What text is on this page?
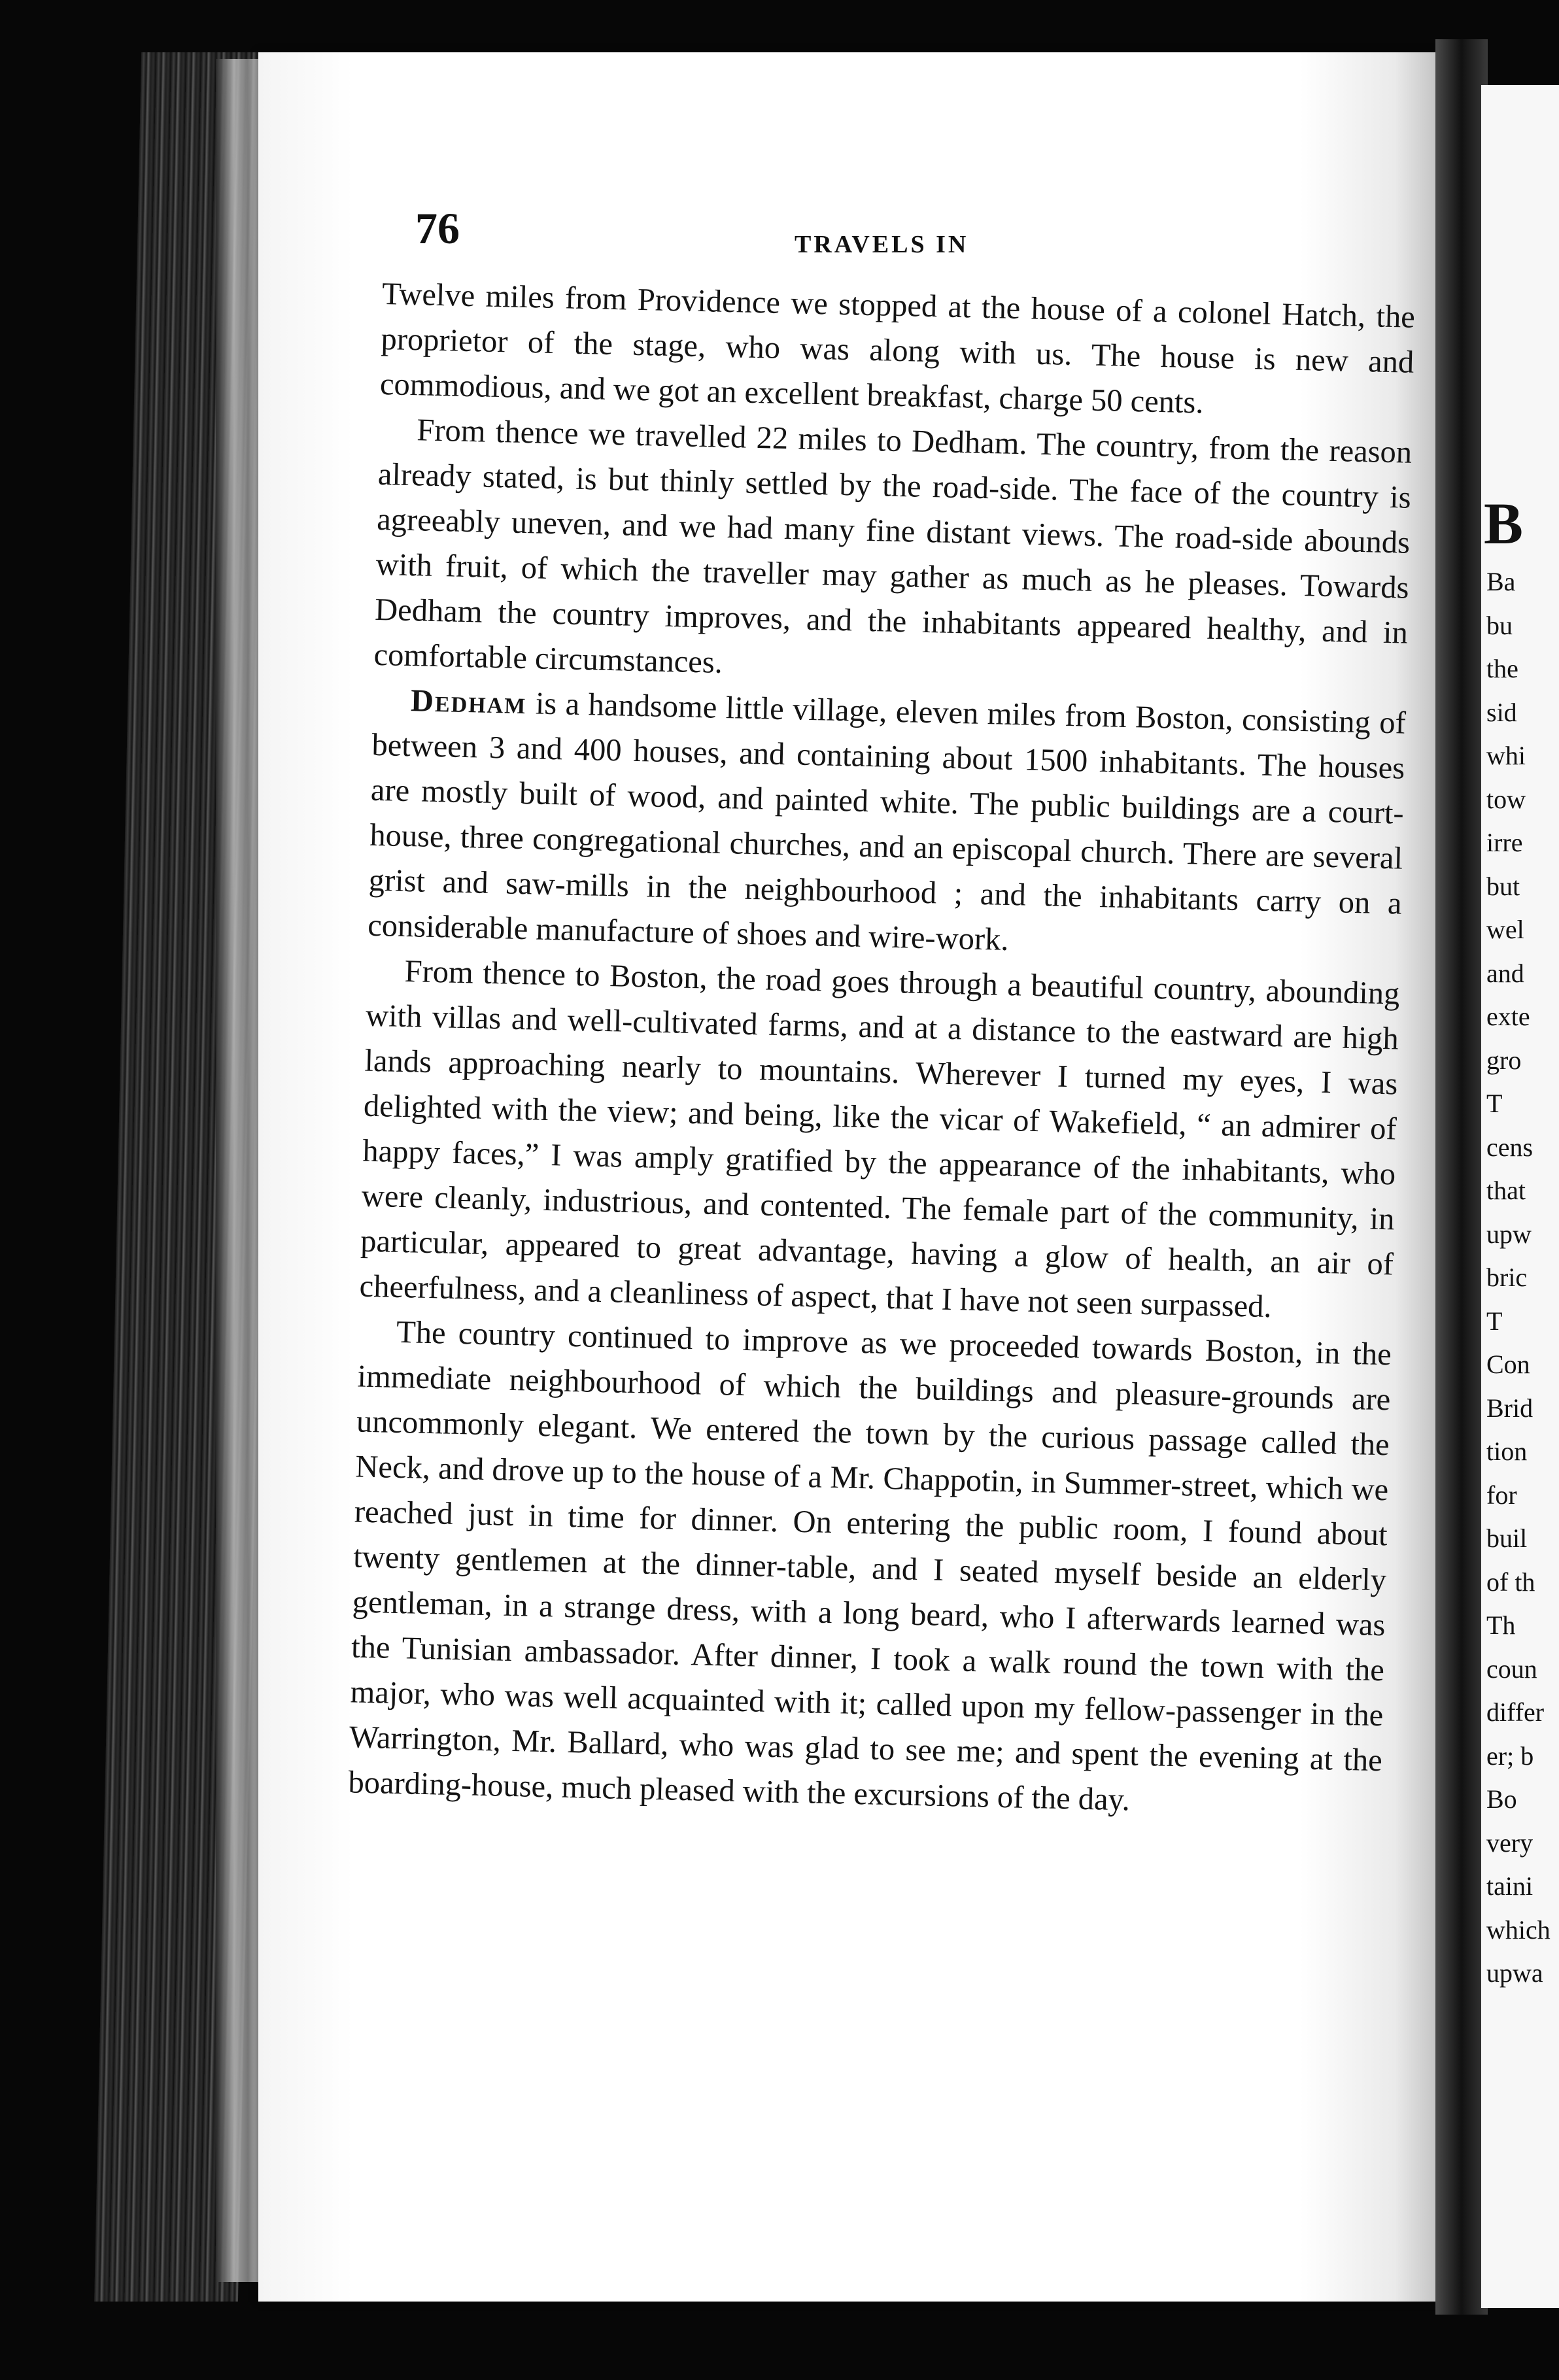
B
Ba
bu
the
sid
whi
tow
irre
but
wel
and
exte
gro
T
cens
that
upw
bric
T
Con
Brid
tion
for
buil
of th
Th
coun
differ
er; b
Bo
very
taini
which
upwa
76	TRAVELS IN

Twelve miles from Providence we stopped at the house of a colonel Hatch, the proprietor of the stage, who was along with us. The house is new and commodious, and we got an excellent breakfast, charge 50 cents.

From thence we travelled 22 miles to Dedham. The country, from the reason already stated, is but thinly settled by the road-side. The face of the country is agreeably uneven, and we had many fine distant views. The road-side abounds with fruit, of which the traveller may gather as much as he pleases. Towards Dedham the country improves, and the inhabitants appeared healthy, and in comfortable circumstances.

Dedham is a handsome little village, eleven miles from Boston, consisting of between 3 and 400 houses, and containing about 1500 inhabitants. The houses are mostly built of wood, and painted white. The public buildings are a court-house, three congregational churches, and an episcopal church. There are several grist and saw-mills in the neighbourhood ; and the inhabitants carry on a considerable manufacture of shoes and wire-work.

From thence to Boston, the road goes through a beautiful country, abounding with villas and well-cultivated farms, and at a distance to the eastward are high lands approaching nearly to mountains. Wherever I turned my eyes, I was delighted with the view; and being, like the vicar of Wakefield, “ an admirer of happy faces,” I was amply gratified by the appearance of the inhabitants, who were cleanly, industrious, and contented. The female part of the community, in particular, appeared to great advantage, having a glow of health, an air of cheerfulness, and a cleanliness of aspect, that I have not seen surpassed.

The country continued to improve as we proceeded towards Boston, in the immediate neighbourhood of which the buildings and pleasure-grounds are uncommonly elegant. We entered the town by the curious passage called the Neck, and drove up to the house of a Mr. Chappotin, in Summer-street, which we reached just in time for dinner. On entering the public room, I found about twenty gentlemen at the dinner-table, and I seated myself beside an elderly gentleman, in a strange dress, with a long beard, who I afterwards learned was the Tunisian ambassador. After dinner, I took a walk round the town with the major, who was well acquainted with it; called upon my fellow-passenger in the Warrington, Mr. Ballard, who was glad to see me; and spent the evening at the boarding-house, much pleased with the excursions of the day.
